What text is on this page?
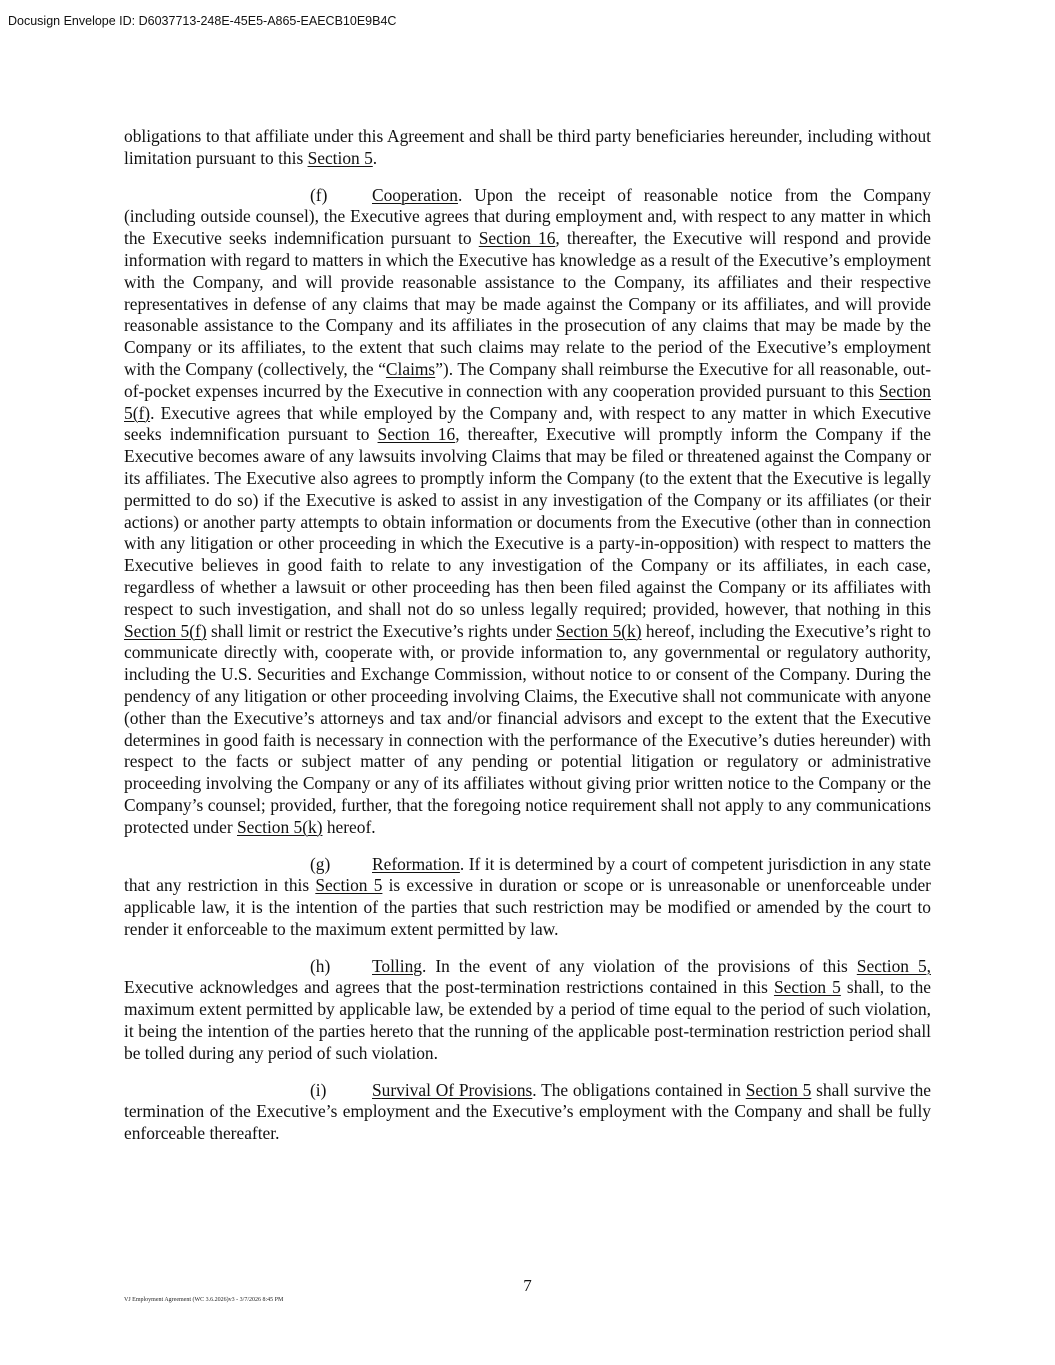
Docusign Envelope ID: D6037713-248E-45E5-A865-EAECB10E9B4C

obligations to that affiliate under this Agreement and shall be third party beneficiaries hereunder, including without limitation pursuant to this Section 5.

(f)	Cooperation. Upon the receipt of reasonable notice from the Company (including outside counsel), the Executive agrees that during employment and, with respect to any matter in which the Executive seeks indemnification pursuant to Section 16, thereafter, the Executive will respond and provide information with regard to matters in which the Executive has knowledge as a result of the Executive’s employment with the Company, and will provide reasonable assistance to the Company, its affiliates and their respective representatives in defense of any claims that may be made against the Company or its affiliates, and will provide reasonable assistance to the Company and its affiliates in the prosecution of any claims that may be made by the Company or its affiliates, to the extent that such claims may relate to the period of the Executive’s employment with the Company (collectively, the “Claims”). The Company shall reimburse the Executive for all reasonable, out-of-pocket expenses incurred by the Executive in connection with any cooperation provided pursuant to this Section 5(f). Executive agrees that while employed by the Company and, with respect to any matter in which Executive seeks indemnification pursuant to Section 16, thereafter, Executive will promptly inform the Company if the Executive becomes aware of any lawsuits involving Claims that may be filed or threatened against the Company or its affiliates. The Executive also agrees to promptly inform the Company (to the extent that the Executive is legally permitted to do so) if the Executive is asked to assist in any investigation of the Company or its affiliates (or their actions) or another party attempts to obtain information or documents from the Executive (other than in connection with any litigation or other proceeding in which the Executive is a party-in-opposition) with respect to matters the Executive believes in good faith to relate to any investigation of the Company or its affiliates, in each case, regardless of whether a lawsuit or other proceeding has then been filed against the Company or its affiliates with respect to such investigation, and shall not do so unless legally required; provided, however, that nothing in this Section 5(f) shall limit or restrict the Executive’s rights under Section 5(k) hereof, including the Executive’s right to communicate directly with, cooperate with, or provide information to, any governmental or regulatory authority, including the U.S. Securities and Exchange Commission, without notice to or consent of the Company. During the pendency of any litigation or other proceeding involving Claims, the Executive shall not communicate with anyone (other than the Executive’s attorneys and tax and/or financial advisors and except to the extent that the Executive determines in good faith is necessary in connection with the performance of the Executive’s duties hereunder) with respect to the facts or subject matter of any pending or potential litigation or regulatory or administrative proceeding involving the Company or any of its affiliates without giving prior written notice to the Company or the Company’s counsel; provided, further, that the foregoing notice requirement shall not apply to any communications protected under Section 5(k) hereof.

(g) Reformation. If it is determined by a court of competent jurisdiction in any state that any restriction in this Section 5 is excessive in duration or scope or is unreasonable or unenforceable under applicable law, it is the intention of the parties that such restriction may be modified or amended by the court to render it enforceable to the maximum extent permitted by law.

(h) Tolling. In the event of any violation of the provisions of this Section 5, Executive acknowledges and agrees that the post-termination restrictions contained in this Section 5 shall, to the maximum extent permitted by applicable law, be extended by a period of time equal to the period of such violation, it being the intention of the parties hereto that the running of the applicable post-termination restriction period shall be tolled during any period of such violation.

(i)	Survival Of Provisions. The obligations contained in Section 5 shall survive the termination of the Executive’s employment and the Executive’s employment with the Company and shall be fully enforceable thereafter.

7
VJ Employment Agreement (WC 3.6.2026)v3 - 3/7/2026 8:45 PM
